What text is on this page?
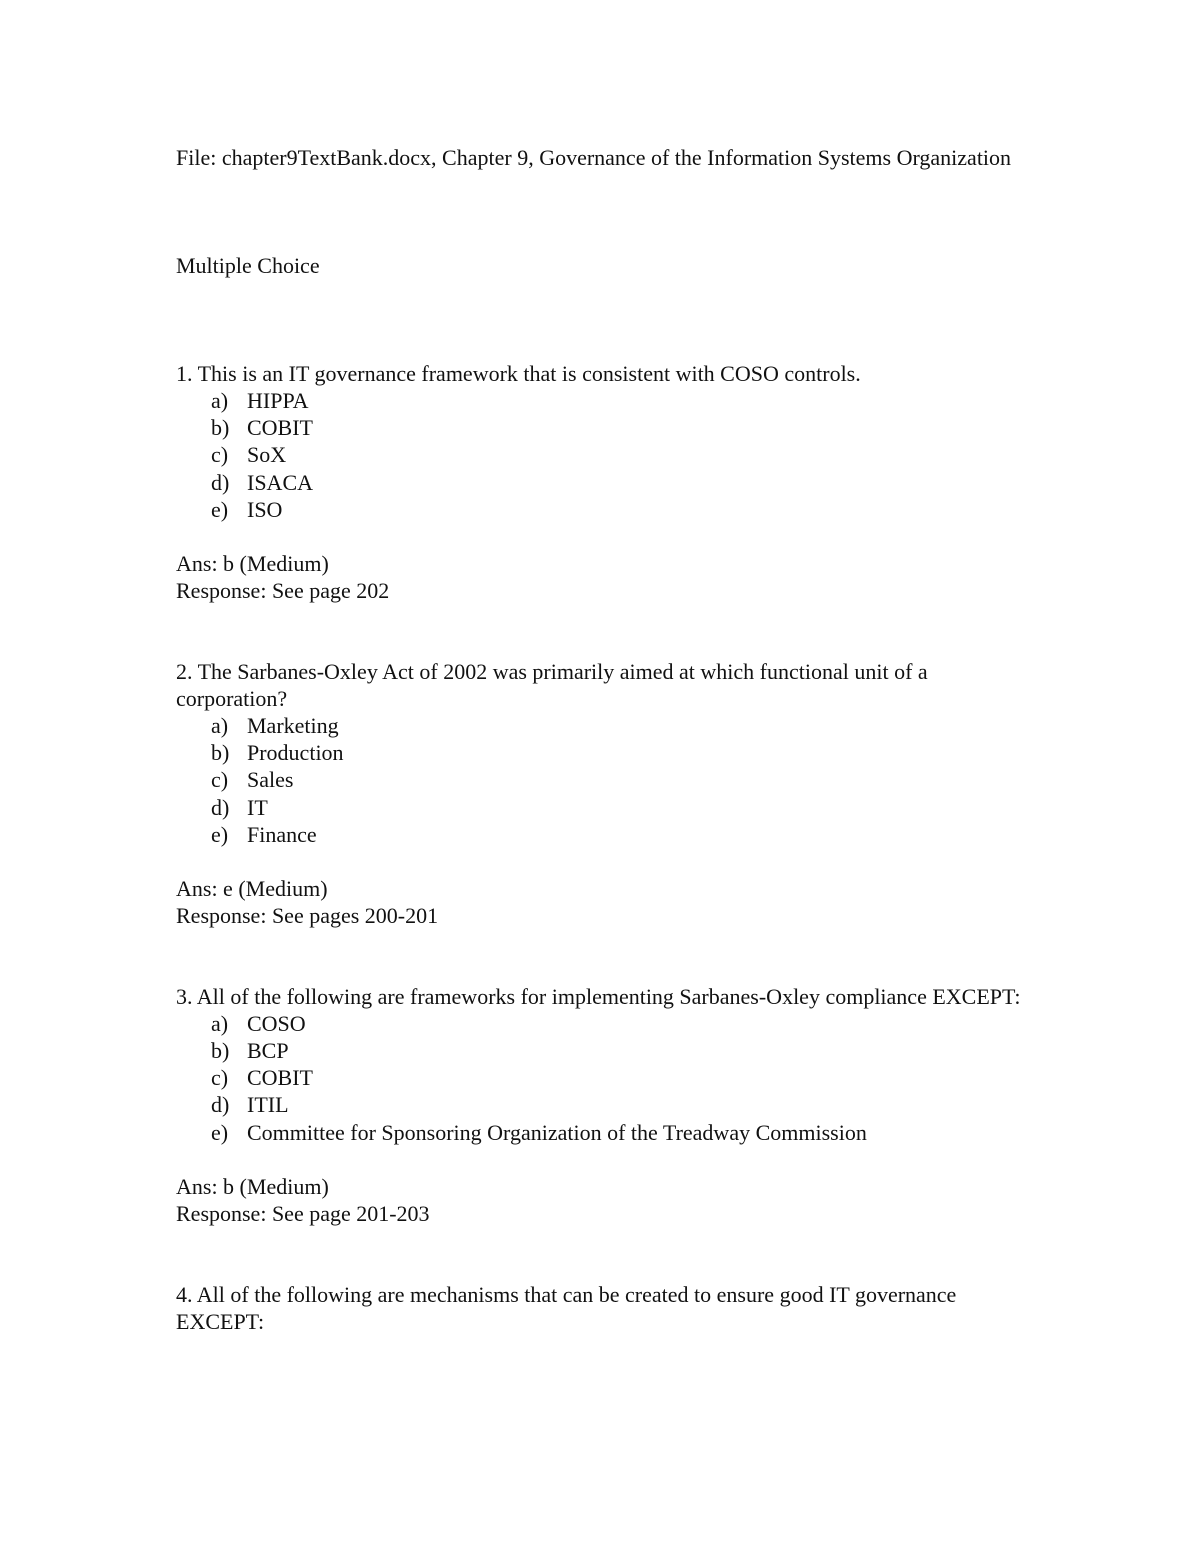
File: chapter9TextBank.docx, Chapter 9, Governance of the Information Systems Organization

Multiple Choice

1. This is an IT governance framework that is consistent with COSO controls.

a) HIPPA
b) COBIT
c) SoX
d) ISACA
e) ISO

Ans: b (Medium)

Response: See page 202

2. The Sarbanes-Oxley Act of 2002 was primarily aimed at which functional unit of a corporation?

a) Marketing
b) Production
c) Sales
d) IT
e) Finance

Ans: e (Medium)

Response: See pages 200-201

3. All of the following are frameworks for implementing Sarbanes-Oxley compliance EXCEPT:

a) COSO
b) BCP
c) COBIT
d) ITIL
e) Committee for Sponsoring Organization of the Treadway Commission

Ans: b (Medium)

Response: See page 201-203

4. All of the following are mechanisms that can be created to ensure good IT governance EXCEPT:
